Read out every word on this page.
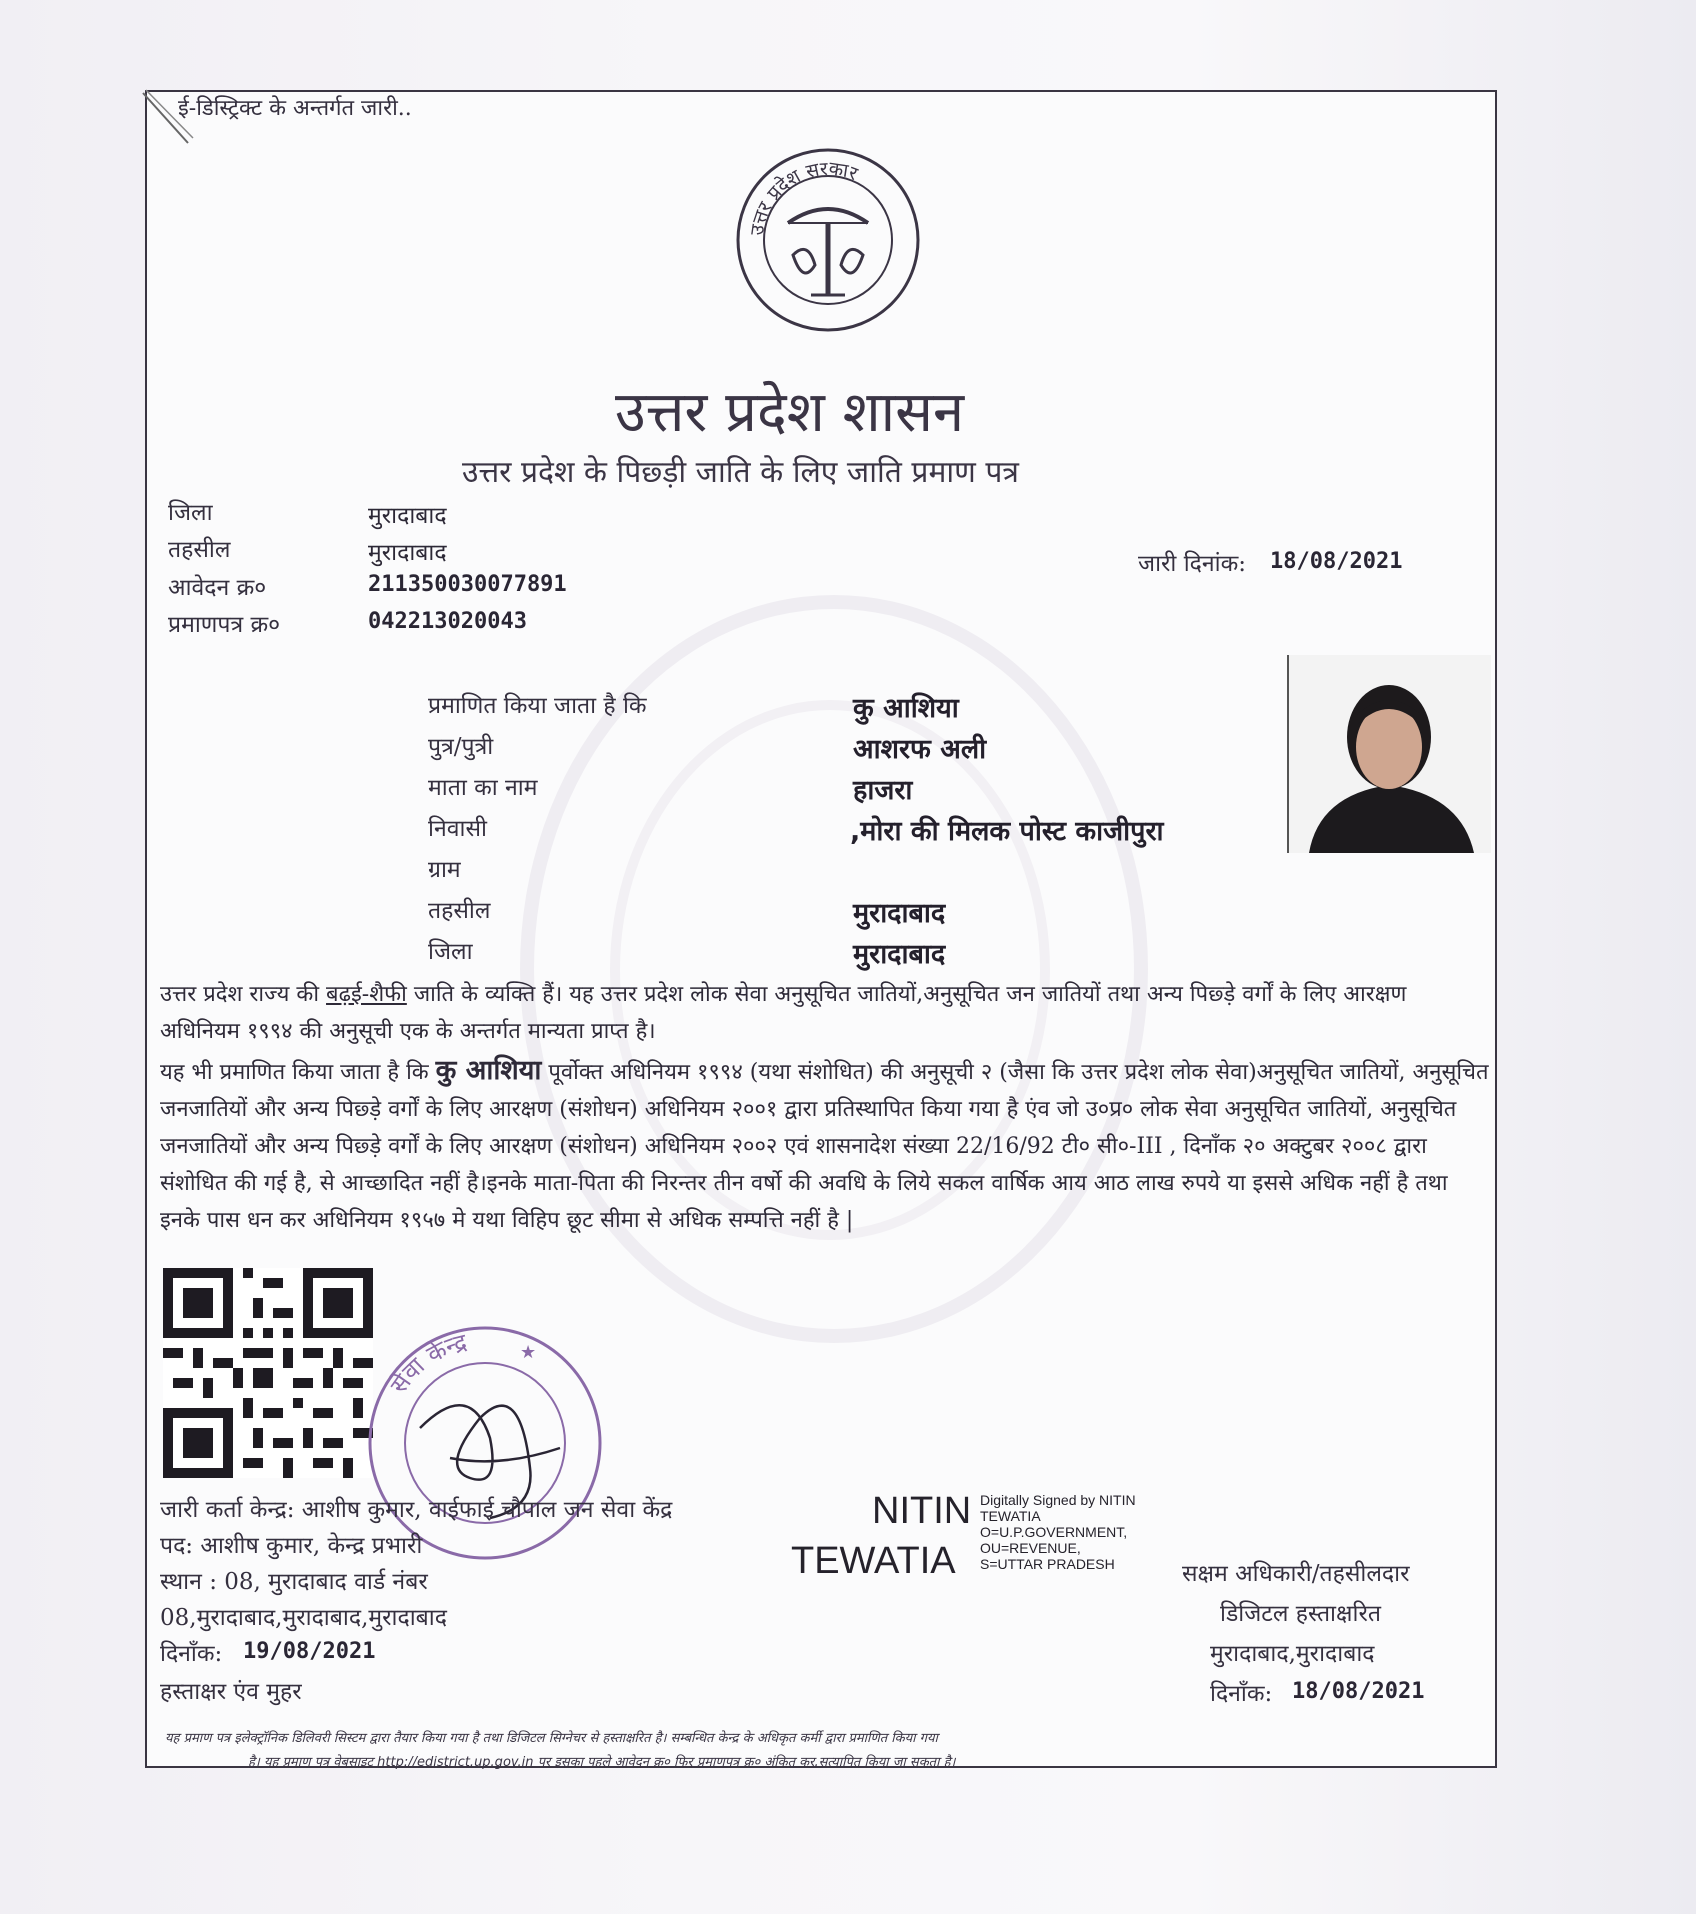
ई-डिस्ट्रिक्ट के अन्तर्गत जारी..
उत्तर प्रदेश सरकार
उत्तर प्रदेश शासन
उत्तर प्रदेश के पिछ्ड़ी जाति के लिए जाति प्रमाण पत्र
जिला	मुरादाबाद
तहसील	मुरादाबाद
आवेदन क्र०	211350030077891
प्रमाणपत्र क्र०	042213020043
जारी दिनांक: 18/08/2021
प्रमाणित किया जाता है कि	कु आशिया
पुत्र/पुत्री	आशरफ अली
माता का नाम	हाजरा
निवासी	,मोरा की मिलक पोस्ट काजीपुरा
ग्राम
तहसील	मुरादाबाद
जिला	मुरादाबाद
उत्तर प्रदेश राज्य की बढ़ई-शैफी जाति के व्यक्ति हैं। यह उत्तर प्रदेश लोक सेवा अनुसूचित जातियों,अनुसूचित जन जातियों तथा अन्य पिछ्ड़े वर्गों के लिए आरक्षण अधिनियम १९९४ की अनुसूची एक के अन्तर्गत मान्यता प्राप्त है।
यह भी प्रमाणित किया जाता है कि कु आशिया पूर्वोक्त अधिनियम १९९४ (यथा संशोधित) की अनुसूची २ (जैसा कि उत्तर प्रदेश लोक सेवा)अनुसूचित जातियों, अनुसूचित जनजातियों और अन्य पिछ्ड़े वर्गों के लिए आरक्षण (संशोधन) अधिनियम २००१ द्वारा प्रतिस्थापित किया गया है एंव जो उ०प्र० लोक सेवा अनुसूचित जातियों, अनुसूचित जनजातियों और अन्य पिछ्ड़े वर्गों के लिए आरक्षण (संशोधन) अधिनियम २००२ एवं शासनादेश संख्या 22/16/92 टी० सी०-III , दिनाँक २० अक्टुबर २००८ द्वारा संशोधित की गई है, से आच्छादित नहीं है।इनके माता-पिता की निरन्तर तीन वर्षो की अवधि के लिये सकल वार्षिक आय आठ लाख रुपये या इससे अधिक नहीं है तथा इनके पास धन कर अधिनियम १९५७ मे यथा विहिप छूट सीमा से अधिक सम्पत्ति नहीं है |
सेवा केन्द्र	★
जारी कर्ता केन्द्र: आशीष कुमार, वाईफाई चौपाल जन सेवा केंद्र
पद: आशीष कुमार, केन्द्र प्रभारी
स्थान : 08, मुरादाबाद वार्ड नंबर
08,मुरादाबाद,मुरादाबाद,मुरादाबाद
दिनाँक: 19/08/2021
हस्ताक्षर एंव मुहर
NITIN
TEWATIA
Digitally Signed by NITIN
TEWATIA
O=U.P.GOVERNMENT,
OU=REVENUE,
S=UTTAR PRADESH	सक्षम अधिकारी/तहसीलदार
डिजिटल हस्ताक्षरित
मुरादाबाद,मुरादाबाद
दिनाँक: 18/08/2021
यह प्रमाण पत्र इलेक्ट्रॉनिक डिलिवरी सिस्टम द्वारा तैयार किया गया है तथा डिजिटल सिग्नेचर से हस्ताक्षरित है। सम्बन्धित केन्द्र के अधिकृत कर्मी द्वारा प्रमाणित किया गया
है। यह प्रमाण पत्र वेबसाइट http://edistrict.up.gov.in पर इसका पहले आवेदन क्र० फिर प्रमाणपत्र क्र० अंकित कर,सत्यापित किया जा सकता है।
